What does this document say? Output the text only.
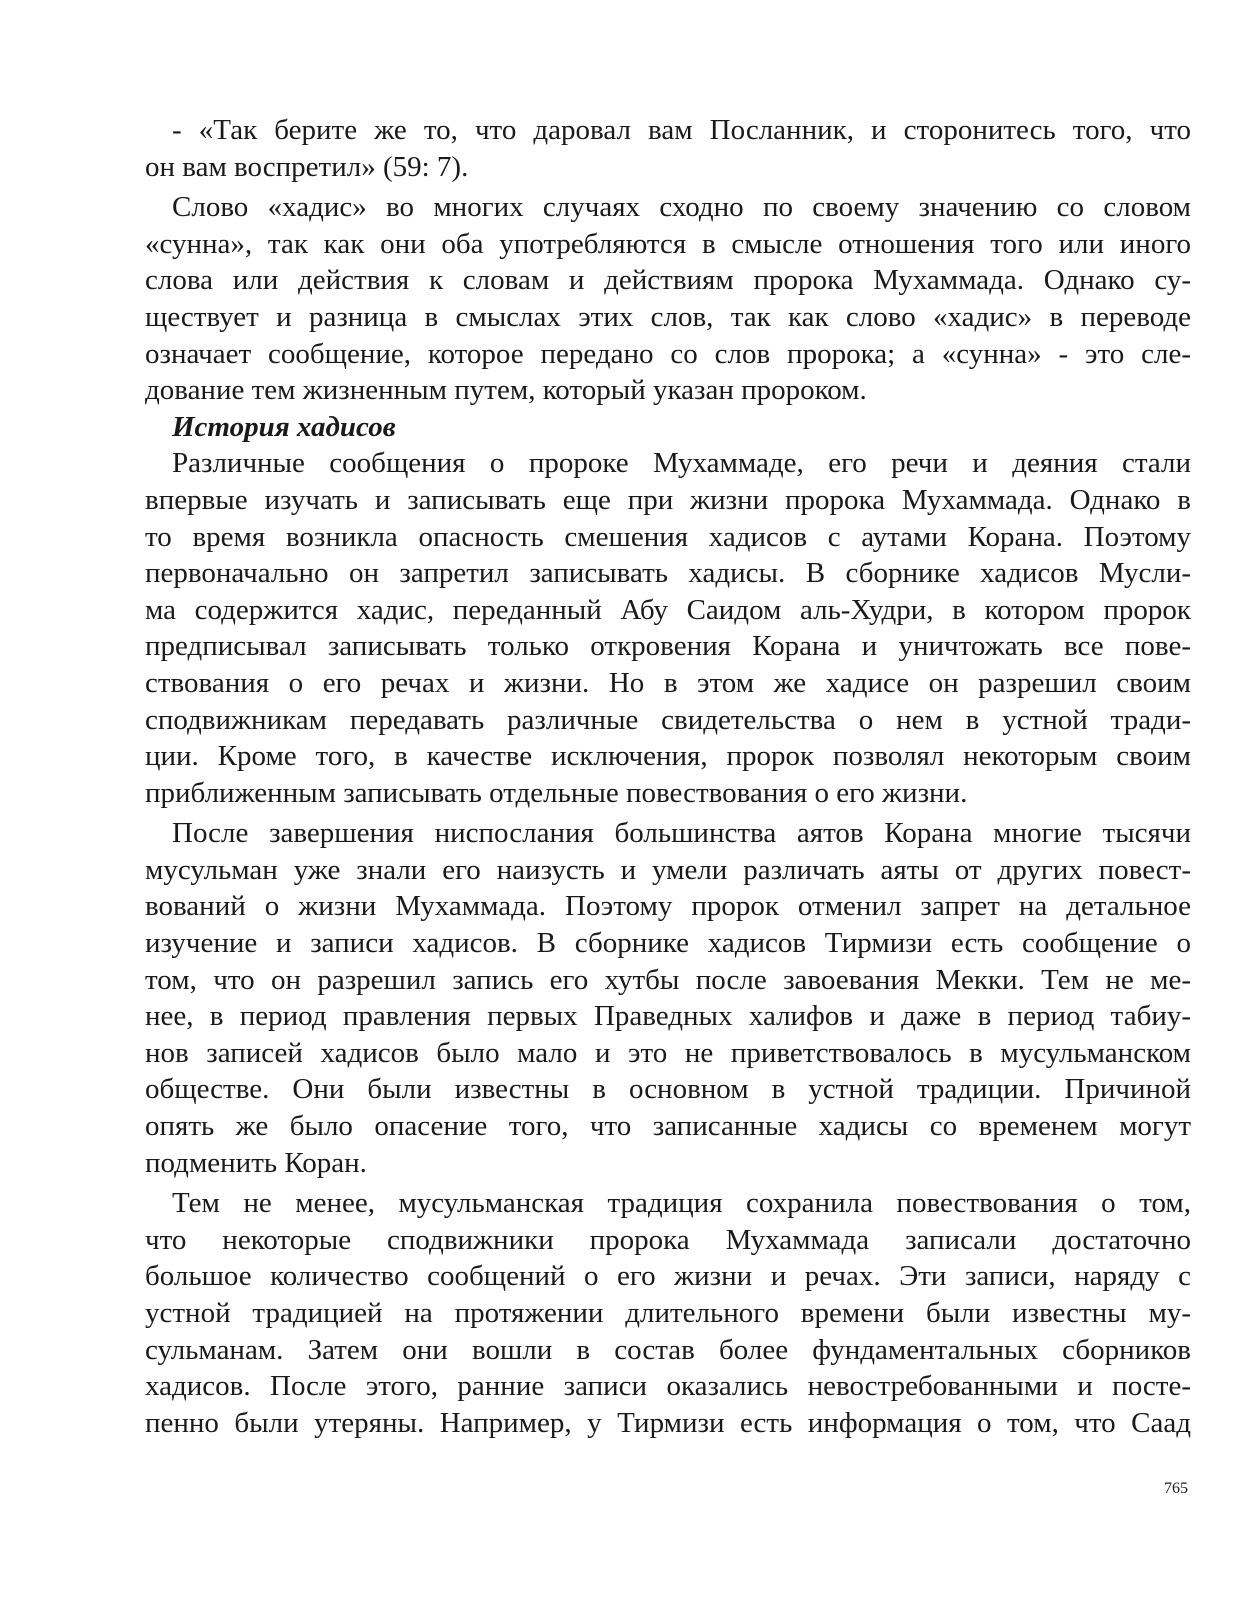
- «Так берите же то, что даровал вам Посланник, и сторонитесь того, что
он вам воспретил» (59: 7).
Слово «хадис» во многих случаях сходно по своему значению со словом
«сунна», так как они оба употребляются в смысле отношения того или иного
слова или действия к словам и действиям пророка Мухаммада. Однако су-
ществует и разница в смыслах этих слов, так как слово «хадис» в переводе
означает сообщение, которое передано со слов пророка; а «сунна» - это сле-
дование тем жизненным путем, который указан пророком.
История хадисов
Различные сообщения о пророке Мухаммаде, его речи и деяния стали
впервые изучать и записывать еще при жизни пророка Мухаммада. Однако в
то время возникла опасность смешения хадисов с аутами Корана. Поэтому
первоначально он запретил записывать хадисы. В сборнике хадисов Мусли-
ма содержится хадис, переданный Абу Саидом аль-Худри, в котором пророк
предписывал записывать только откровения Корана и уничтожать все пове-
ствования о его речах и жизни. Но в этом же хадисе он разрешил своим
сподвижникам передавать различные свидетельства о нем в устной тради-
ции. Кроме того, в качестве исключения, пророк позволял некоторым своим
приближенным записывать отдельные повествования о его жизни.
После завершения ниспослания большинства аятов Корана многие тысячи
мусульман уже знали его наизусть и умели различать аяты от других повест-
вований о жизни Мухаммада. Поэтому пророк отменил запрет на детальное
изучение и записи хадисов. В сборнике хадисов Тирмизи есть сообщение о
том, что он разрешил запись его хутбы после завоевания Мекки. Тем не ме-
нее, в период правления первых Праведных халифов и даже в период табиу-
нов записей хадисов было мало и это не приветствовалось в мусульманском
обществе. Они были известны в основном в устной традиции. Причиной
опять же было опасение того, что записанные хадисы со временем могут
подменить Коран.
Тем не менее, мусульманская традиция сохранила повествования о том,
что некоторые сподвижники пророка Мухаммада записали достаточно
большое количество сообщений о его жизни и речах. Эти записи, наряду с
устной традицией на протяжении длительного времени были известны му-
сульманам. Затем они вошли в состав более фундаментальных сборников
хадисов. После этого, ранние записи оказались невостребованными и посте-
пенно были утеряны. Например, у Тирмизи есть информация о том, что Саад
765
